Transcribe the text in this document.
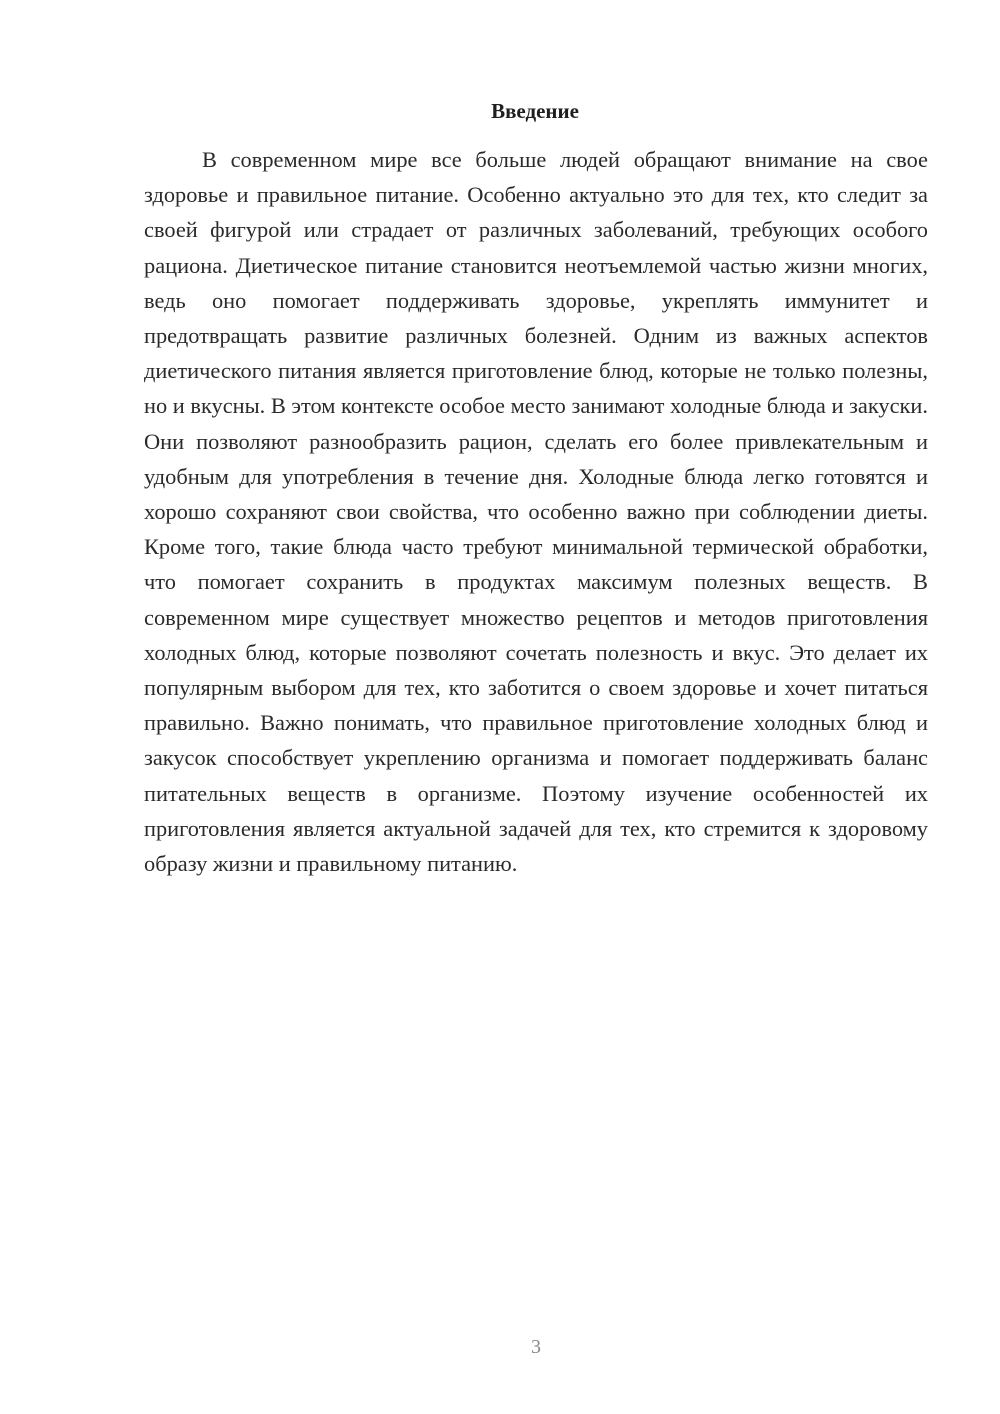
Введение

В современном мире все больше людей обращают внимание на свое здоровье и правильное питание. Особенно актуально это для тех, кто следит за своей фигурой или страдает от различных заболеваний, требующих особого рациона. Диетическое питание становится неотъемлемой частью жизни многих, ведь оно помогает поддерживать здоровье, укреплять иммунитет и предотвращать развитие различных болезней. Одним из важных аспектов диетического питания является приготовление блюд, которые не только полезны, но и вкусны. В этом контексте особое место занимают холодные блюда и закуски. Они позволяют разнообразить рацион, сделать его более привлекательным и удобным для употребления в течение дня. Холодные блюда легко готовятся и хорошо сохраняют свои свойства, что особенно важно при соблюдении диеты. Кроме того, такие блюда часто требуют минимальной термической обработки, что помогает сохранить в продуктах максимум полезных веществ. В современном мире существует множество рецептов и методов приготовления холодных блюд, которые позволяют сочетать полезность и вкус. Это делает их популярным выбором для тех, кто заботится о своем здоровье и хочет питаться правильно. Важно понимать, что правильное приготовление холодных блюд и закусок способствует укреплению организма и помогает поддерживать баланс питательных веществ в организме. Поэтому изучение особенностей их приготовления является актуальной задачей для тех, кто стремится к здоровому образу жизни и правильному питанию.

3
